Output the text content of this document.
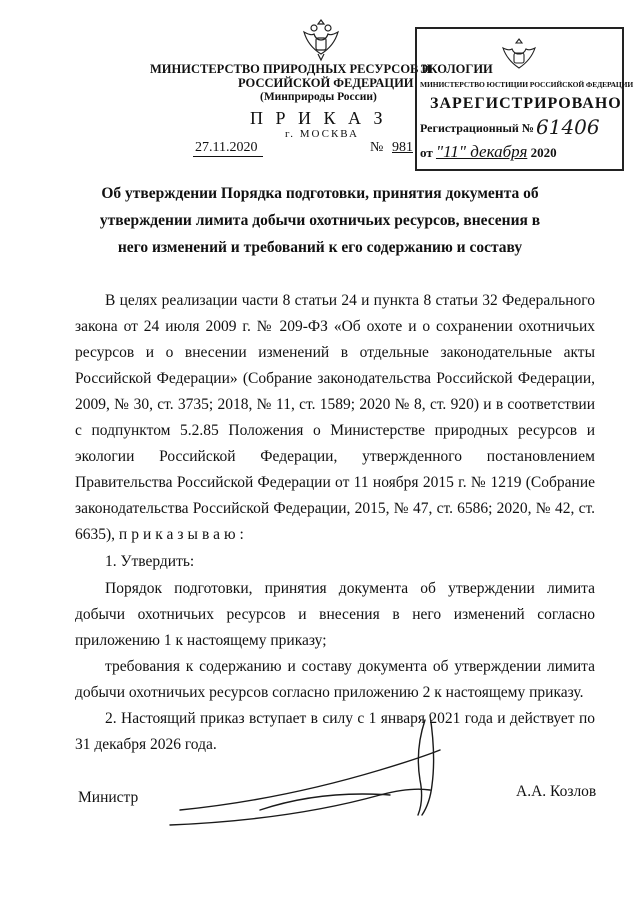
МИНИСТЕРСТВО ПРИРОДНЫХ РЕСУРСОВ И
ЭКОЛОГИИ
РОССИЙСКОЙ ФЕДЕРАЦИИ
(Минприроды России)
П Р И К А З
г. МОСКВА
27.11.2020	№ 981
МИНИСТЕРСТВО ЮСТИЦИИ РОССИЙСКОЙ ФЕДЕРАЦИИ
ЗАРЕГИСТРИРОВАНО
Регистрационный № 61406
от "11" декабря 2020
Об утверждении Порядка подготовки, принятия документа об утверждении лимита добычи охотничьих ресурсов, внесения в него изменений и требований к его содержанию и составу
В целях реализации части 8 статьи 24 и пункта 8 статьи 32 Федерального закона от 24 июля 2009 г. № 209-ФЗ «Об охоте и о сохранении охотничьих ресурсов и о внесении изменений в отдельные законодательные акты Российской Федерации» (Собрание законодательства Российской Федерации, 2009, № 30, ст. 3735; 2018, № 11, ст. 1589; 2020 № 8, ст. 920) и в соответствии с подпунктом 5.2.85 Положения о Министерстве природных ресурсов и экологии Российской Федерации, утвержденного постановлением Правительства Российской Федерации от 11 ноября 2015 г. № 1219 (Собрание законодательства Российской Федерации, 2015, № 47, ст. 6586; 2020, № 42, ст. 6635), приказываю:
1. Утвердить:
Порядок подготовки, принятия документа об утверждении лимита добычи охотничьих ресурсов и внесения в него изменений согласно приложению 1 к настоящему приказу;
требования к содержанию и составу документа об утверждении лимита добычи охотничьих ресурсов согласно приложению 2 к настоящему приказу.
2. Настоящий приказ вступает в силу с 1 января 2021 года и действует по 31 декабря 2026 года.
Министр	А.А. Козлов
